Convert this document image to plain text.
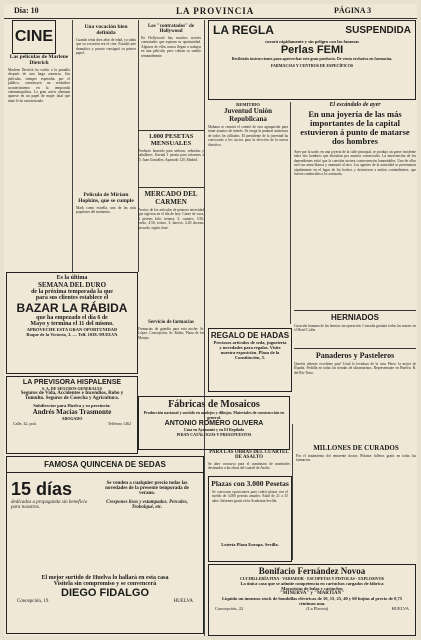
Día: 10	LA PROVINCIA	PÁGINA 3
CINE
Las películas de Marlene Dietrich
Marlene Dietrich ha vuelto a la pantalla después de una larga ausencia. Sus películas, siempre esperadas por el público, constituyen un verdadero acontecimiento en la temporada cinematográfica. La gran actriz alemana aparece en un papel de mujer fatal que tanto le ha caracterizado.
Una vocación bien definida
Cuando tenía diez años de edad, ya sabía que su vocación era el cine. Estudió arte dramático y pronto consiguió su primer papel.
Película de Miriam Hopkins, que se cumple
Mark como estrella, una de las más populares del momento.
Los "contratados" de Hollywood
En Hollywood hay muchos actores contratados que esperan su oportunidad. Algunos de ellos nunca llegan a trabajar en una película, pero cobran su sueldo semanalmente.
1.000 PESETAS MENSUALES
Producto honrado para señoras, señoritas y caballeros. Enviad 1 peseta para informes a D. Juan González, Apartado 120, Madrid.
MERCADO DEL CARMEN
Precios de los artículos de primera necesidad que rigieron en el día de hoy: Carne de vaca, 4 pesetas kilo; ternera, 5; carnero, 3.50; cerdo, 4.50; tocino, 3; huevos, 2.40 docena; pescado, según clase.
Servicio de farmacias
Farmacias de guardia para esta noche: Sr. López, Concepción; Sr. Rubio, Plaza de las Monjas.
Es la última
SEMANA DEL DURO
de la próxima temporada la que
para sus clientes establece el
BAZAR LA RÁBIDA
que ha empezado el día 6 de
Mayo y termina el 11 del mismo.
APROVECHE ESTA GRAN OPORTUNIDAD
Roque de la Victoria, 3. — Telf. 1038.-HUELVA
LA PREVISORA HISPALENSE
S. A. DE SEGUROS GENERALES
Seguros de Vida, Accidentes e Incendios, Robo y Tumulto. Seguros de Cosecha y Agricultura.
Subdirector para Huelva y su provincia:
Andrés Macías Trasmonte
ABOGADO
Calle, 42, pral.	Teléfono 1462
FAMOSA QUINCENA DE SEDAS
15 días
dedicados a propaganda sin beneficio para nosotros.
Se venden a cualquier precio todas las novedades de la presente temporada de verano.
Crespones lisos y estampados. Percales, Trobolqué, etc.
El mejor surtido de Huelva lo hallará en esta casa
Visítela sin compromiso y se convencerá
DIEGO FIDALGO
Concepción, 19	HUELVA
LA REGLA	SUSPENDIDA
curará rápidamente y sin peligro con las famosas
Perlas FEMI
Recibiráis instrucciones para aprovechar este gran producto. De venta exclusiva en farmacias.
FARMACIAS Y CENTROS DE ESPECÍFICOS
REMITIDO
Juventud Unión Republicana
Mañana se reunirá el comité de esta agrupación para tratar asuntos de interés. Se ruega la puntual asistencia de todos los afiliados. El presidente de la juventud ha convocado a los socios para la elección de la nueva directiva.
El escándalo de ayer
En una joyería de las más importantes de la capital estuvieron á punto de matarse dos hombres
Ayer por la tarde, en una joyería de la calle principal, se produjo un grave incidente entre dos hombres que discutían por asuntos comerciales. La intervención de los dependientes evitó que la cuestión tuviera consecuencias lamentables. Uno de ellos sacó un arma blanca y amenazó al otro. Los agentes de la autoridad se presentaron rápidamente en el lugar de los hechos y detuvieron a ambos contendientes, que fueron conducidos a la comisaría.
HERNIADOS
Curación humana de las hernias sin operación. Consulta gratuita todos los martes en el Hotel Colón.
Panaderos y Pasteleros
Queréis obtener excelente pan? Usad la levadura de la casa Pérez, la mejor de España. Pedidla en todas las tiendas de ultramarinos. Representante en Huelva: R. del Río Tinto.
REGALO DE HADAS
Preciosos artículos de seda, juguetería y novedades para regalos. Visite nuestra exposición. Plaza de la Constitución, 5.
Fábricas de Mosaicos
Producción nacional y surtido en azulejos y dibujos. Materiales de construcción en general.
ANTONIO ROMERO OLIVERA
Casa en Ayamonte y en El Repilado
PIDAN CATÁLOGOS Y PRESUPUESTOS
PARA LAS OBRAS DEL CUARTEL DE ASALTO
Se abre concurso para el suministro de materiales destinados a las obras del cuartel de Asalto.
Plazas con 3.000 Pesetas
Se convocan oposiciones para cubrir plazas con el sueldo de 3.000 pesetas anuales. Edad de 21 a 35 años. Informes gratis en la Academia Sevilla.
Lotería Plaza Europa. Sevilla.
MILLONES DE CURADOS
Por el tratamiento del eminente doctor. Pídanse folletos gratis en todas las farmacias.
Bonifacio Fernández Novoa
CUCHILLERÍA FINA - VADIADOR - ESCOPETAS Y PISTOLAS - EXPLOSIVOS
La única casa que se admite competencia en cartuchos cargados de fábrica
Mayoristas de balas y cartuchos
"MINERVA" y "MARTIAN"
Liquido un inmenso stock de bombillas eléctricas de 10, 15, 25, 40 y 60 bujías al precio de 0,75 céntimos una.
Concepción, 22	(La Placeta)	HUELVA
